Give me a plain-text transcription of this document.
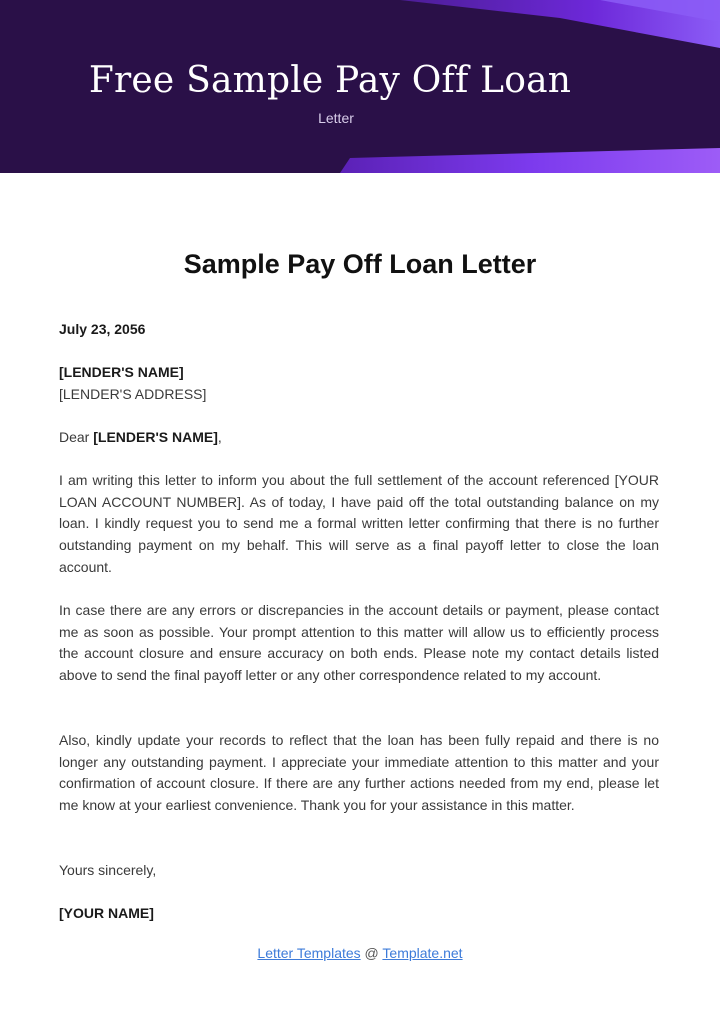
Free Sample Pay Off Loan
Letter
Sample Pay Off Loan Letter
July 23, 2056
[LENDER'S NAME]
[LENDER'S ADDRESS]
Dear [LENDER'S NAME],
I am writing this letter to inform you about the full settlement of the account referenced [YOUR LOAN ACCOUNT NUMBER]. As of today, I have paid off the total outstanding balance on my loan. I kindly request you to send me a formal written letter confirming that there is no further outstanding payment on my behalf. This will serve as a final payoff letter to close the loan account.
In case there are any errors or discrepancies in the account details or payment, please contact me as soon as possible. Your prompt attention to this matter will allow us to efficiently process the account closure and ensure accuracy on both ends. Please note my contact details listed above to send the final payoff letter or any other correspondence related to my account.
Also, kindly update your records to reflect that the loan has been fully repaid and there is no longer any outstanding payment. I appreciate your immediate attention to this matter and your confirmation of account closure. If there are any further actions needed from my end, please let me know at your earliest convenience. Thank you for your assistance in this matter.
Yours sincerely,
[YOUR NAME]
Letter Templates @ Template.net
